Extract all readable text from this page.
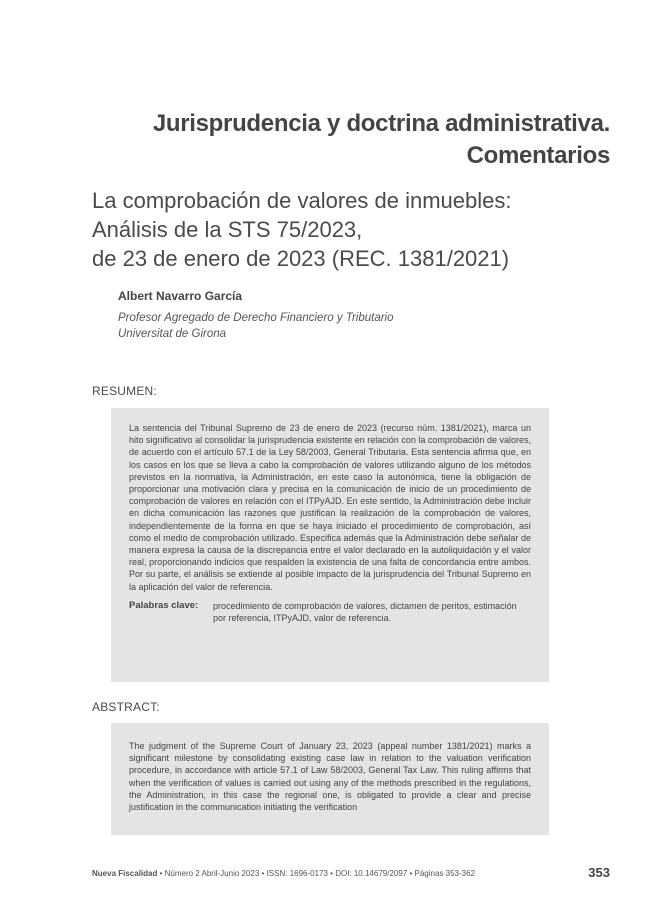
Jurisprudencia y doctrina administrativa.
Comentarios
La comprobación de valores de inmuebles:
Análisis de la STS 75/2023,
de 23 de enero de 2023 (REC. 1381/2021)
Albert Navarro García
Profesor Agregado de Derecho Financiero y Tributario
Universitat de Girona
RESUMEN:

La sentencia del Tribunal Supremo de 23 de enero de 2023 (recurso núm. 1381/2021), marca un hito significativo al consolidar la jurisprudencia existente en relación con la comprobación de valores, de acuerdo con el artículo 57.1 de la Ley 58/2003, General Tributaria. Esta sentencia afirma que, en los casos en los que se lleva a cabo la comprobación de valores utilizando alguno de los métodos previstos en la normativa, la Administración, en este caso la autonómica, tiene la obligación de proporcionar una motivación clara y precisa en la comunicación de inicio de un procedimiento de comprobación de valores en relación con el ITPyAJD. En este sentido, la Administración debe incluir en dicha comunicación las razones que justifican la realización de la comprobación de valores, independientemente de la forma en que se haya iniciado el procedimiento de comprobación, así como el medio de comprobación utilizado. Especifica además que la Administración debe señalar de manera expresa la causa de la discrepancia entre el valor declarado en la autoliquidación y el valor real, proporcionando indicios que respalden la existencia de una falta de concordancia entre ambos. Por su parte, el análisis se extiende al posible impacto de la jurisprudencia del Tribunal Supremo en la aplicación del valor de referencia.

Palabras clave:	procedimiento de comprobación de valores, dictamen de peritos, estimación por referencia, ITPyAJD, valor de referencia.
ABSTRACT:

The judgment of the Supreme Court of January 23, 2023 (appeal number 1381/2021) marks a significant milestone by consolidating existing case law in relation to the valuation verification procedure, in accordance with article 57.1 of Law 58/2003, General Tax Law. This ruling affirms that when the verification of values is carried out using any of the methods prescribed in the regulations, the Administration, in this case the regional one, is obligated to provide a clear and precise justification in the communication initiating the verification

Nueva Fiscalidad • Número 2 Abril-Junio 2023 • ISSN: 1696-0173 • DOI: 10.14679/2097 • Páginas 353-362	353
